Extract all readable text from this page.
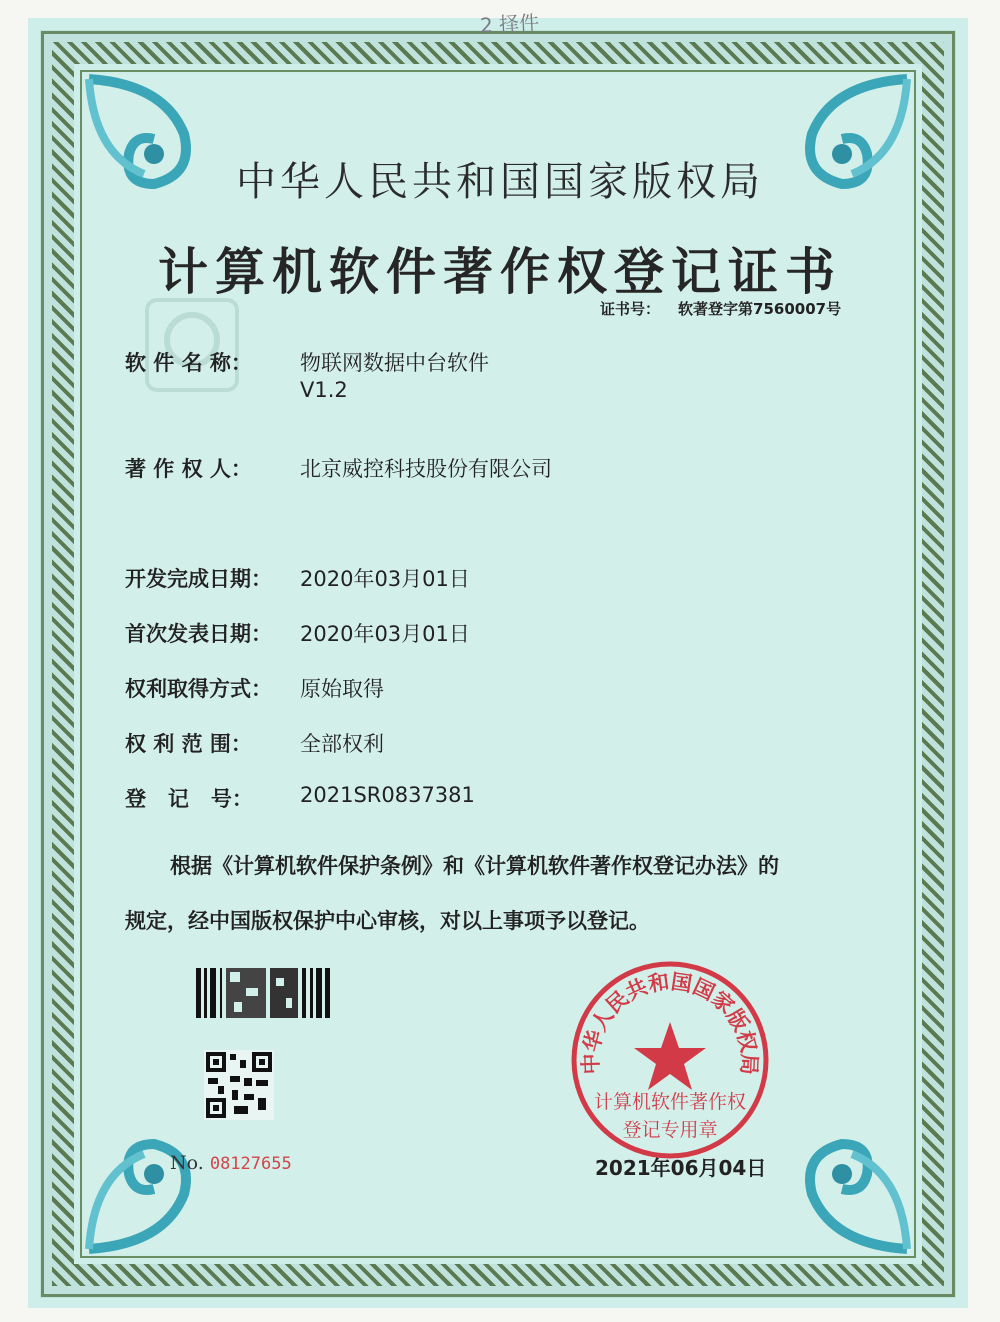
2 择件
中华人民共和国国家版权局
计算机软件著作权登记证书
证书号： 软著登字第7560007号
软 件 名 称： 物联网数据中台软件
V1.2
著 作 权 人： 北京威控科技股份有限公司
开发完成日期： 2020年03月01日
首次发表日期： 2020年03月01日
权利取得方式： 原始取得
权 利 范 围： 全部权利
登   记   号： 2021SR0837381
根据《计算机软件保护条例》和《计算机软件著作权登记办法》的
规定，经中国版权保护中心审核，对以上事项予以登记。
No. 08127655
中华人民共和国国家版权局
计算机软件著作权
登记专用章
2021年06月04日
